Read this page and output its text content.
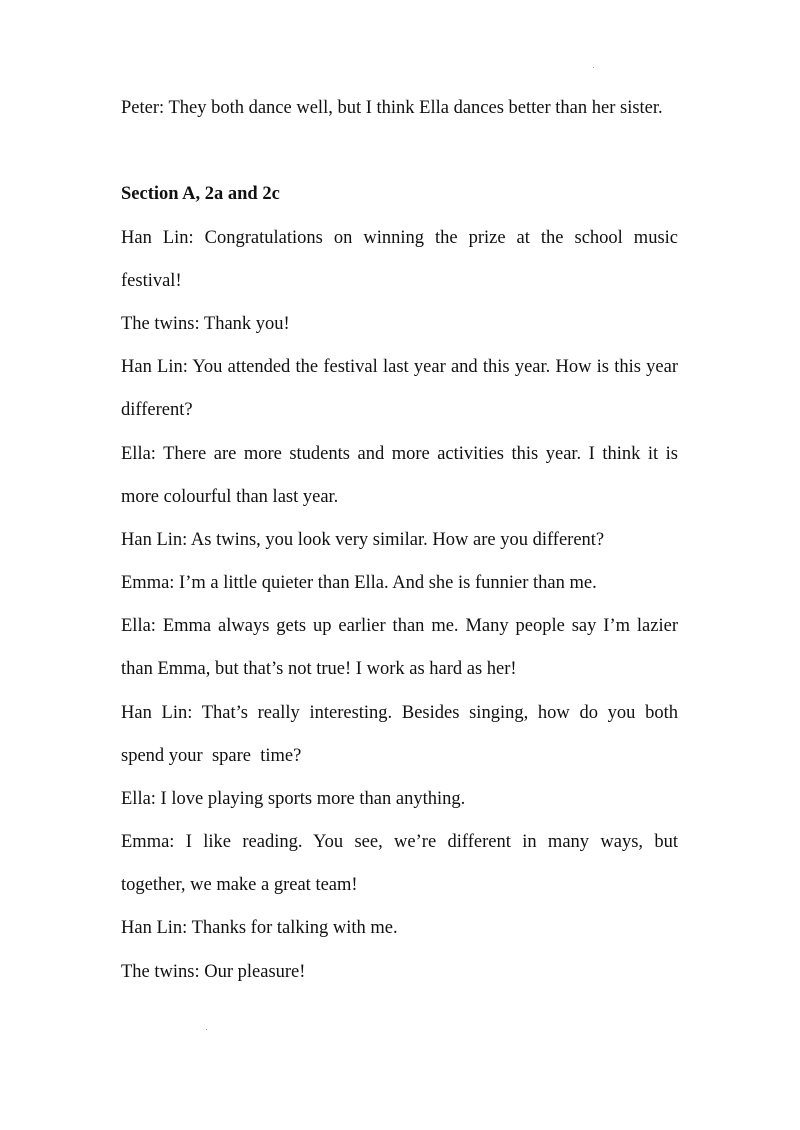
Peter: They both dance well, but I think Ella dances better than her sister.
Section A, 2a and 2c
Han Lin: Congratulations on winning the prize at the school music
festival!
The twins: Thank you!
Han Lin: You attended the festival last year and this year. How is this year
different?
Ella: There are more students and more activities this year. I think it is
more colourful than last year.
Han Lin: As twins, you look very similar. How are you different?
Emma: I’m a little quieter than Ella. And she is funnier than me.
Ella: Emma always gets up earlier than me. Many people say I’m lazier
than Emma, but that’s not true! I work as hard as her!
Han Lin: That’s really interesting. Besides singing, how do you both
spend your  spare  time?
Ella: I love playing sports more than anything.
Emma: I like reading. You see, we’re different in many ways, but
together, we make a great team!
Han Lin: Thanks for talking with me.
The twins: Our pleasure!
